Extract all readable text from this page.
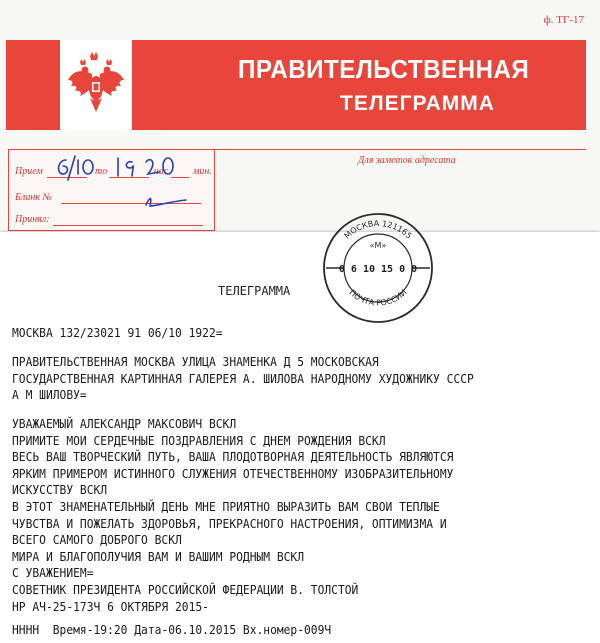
ф. ТГ-17
ПРАВИТЕЛЬСТВЕННАЯ
ТЕЛЕГРАММА
Для заметок адресата
Прием	то	час мин.
Бланк №
Принял:
МОСКВА 121165
«М»
0 6 10 15 0 0
ПОЧТА РОССИИ
ТЕЛЕГРАММА
МОСКВА 132/23021 91 06/10 1922=
ПРАВИТЕЛЬСТВЕННАЯ МОСКВА УЛИЦА ЗНАМЕНКА Д 5 МОСКОВСКАЯ
ГОСУДАРСТВЕННАЯ КАРТИННАЯ ГАЛЕРЕЯ А. ШИЛОВА НАРОДНОМУ ХУДОЖНИКУ СССР
А М ШИЛОВУ=
УВАЖАЕМЫЙ АЛЕКСАНДР МАКСОВИЧ ВСКЛ
ПРИМИТЕ МОИ СЕРДЕЧНЫЕ ПОЗДРАВЛЕНИЯ С ДНЕМ РОЖДЕНИЯ ВСКЛ
ВЕСЬ ВАШ ТВОРЧЕСКИЙ ПУТЬ, ВАША ПЛОДОТВОРНАЯ ДЕЯТЕЛЬНОСТЬ ЯВЛЯЮТСЯ
ЯРКИМ ПРИМЕРОМ ИСТИННОГО СЛУЖЕНИЯ ОТЕЧЕСТВЕННОМУ ИЗОБРАЗИТЕЛЬНОМУ
ИСКУССТВУ ВСКЛ
В ЭТОТ ЗНАМЕНАТЕЛЬНЫЙ ДЕНЬ МНЕ ПРИЯТНО ВЫРАЗИТЬ ВАМ СВОИ ТЕПЛЫЕ
ЧУВСТВА И ПОЖЕЛАТЬ ЗДОРОВЬЯ, ПРЕКРАСНОГО НАСТРОЕНИЯ, ОПТИМИЗМА И
ВСЕГО САМОГО ДОБРОГО ВСКЛ
МИРА И БЛАГОПОЛУЧИЯ ВАМ И ВАШИМ РОДНЫМ ВСКЛ
С УВАЖЕНИЕМ=
СОВЕТНИК ПРЕЗИДЕНТА РОССИЙСКОЙ ФЕДЕРАЦИИ В. ТОЛСТОЙ
НР АЧ-25-173Ч 6 ОКТЯБРЯ 2015-
НННН  Время-19:20 Дата-06.10.2015 Вх.номер-009Ч
